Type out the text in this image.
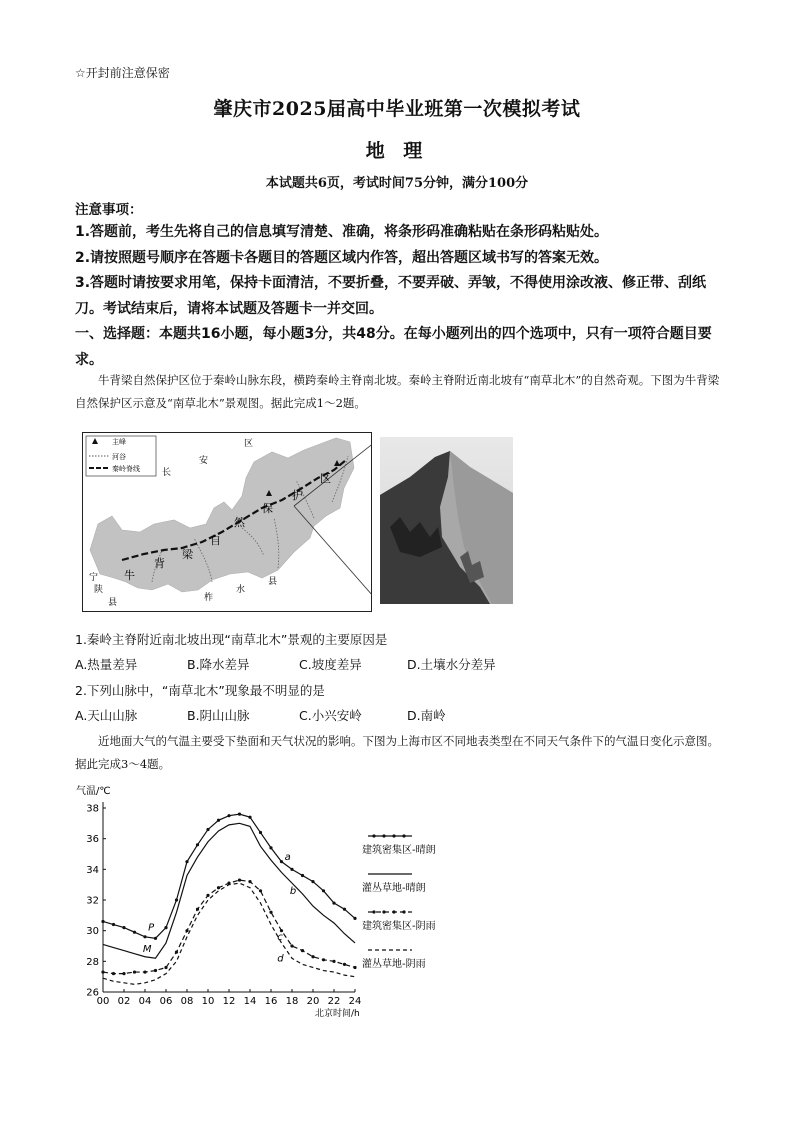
☆开封前注意保密
肇庆市2025届高中毕业班第一次模拟考试
地 理
本试题共6页，考试时间75分钟，满分100分
注意事项：

1.答题前，考生先将自己的信息填写清楚、准确，将条形码准确粘贴在条形码粘贴处。

2.请按照题号顺序在答题卡各题目的答题区域内作答，超出答题区域书写的答案无效。

3.答题时请按要求用笔，保持卡面清洁，不要折叠，不要弄破、弄皱，不得使用涂改液、修正带、刮纸刀。考试结束后，请将本试题及答题卡一并交回。

一、选择题：本题共16小题，每小题3分，共48分。在每小题列出的四个选项中，只有一项符合题目要求。
牛背梁自然保护区位于秦岭山脉东段，横跨秦岭主脊南北坡。秦岭主脊附近南北坡有“南草北木”的自然奇观。下图为牛背梁自然保护区示意及“南草北木”景观图。据此完成1～2题。
主峰
河谷
秦岭脊线
区
安
长	区
护
保
然
自
梁
背
牛
宁
陕
县	柞
水
县
1.秦岭主脊附近南北坡出现“南草北木”景观的主要原因是
A.热量差异	B.降水差异	C.坡度差异	D.土壤水分差异
2.下列山脉中，“南草北木”现象最不明显的是
A.天山山脉	B.阴山山脉	C.小兴安岭	D.南岭
近地面大气的气温主要受下垫面和天气状况的影响。下图为上海市区不同地表类型在不同天气条件下的气温日变化示意图。据此完成3～4题。
气温/℃
北京时间/h
26
28
30
32
34
36
38
00 02 04 06 08 10 12 14 16 18 20 22 24
建筑密集区-晴朗
灌丛草地-晴朗
建筑密集区-阴雨
灌丛草地-阴雨
P
M
a
b
c
d
